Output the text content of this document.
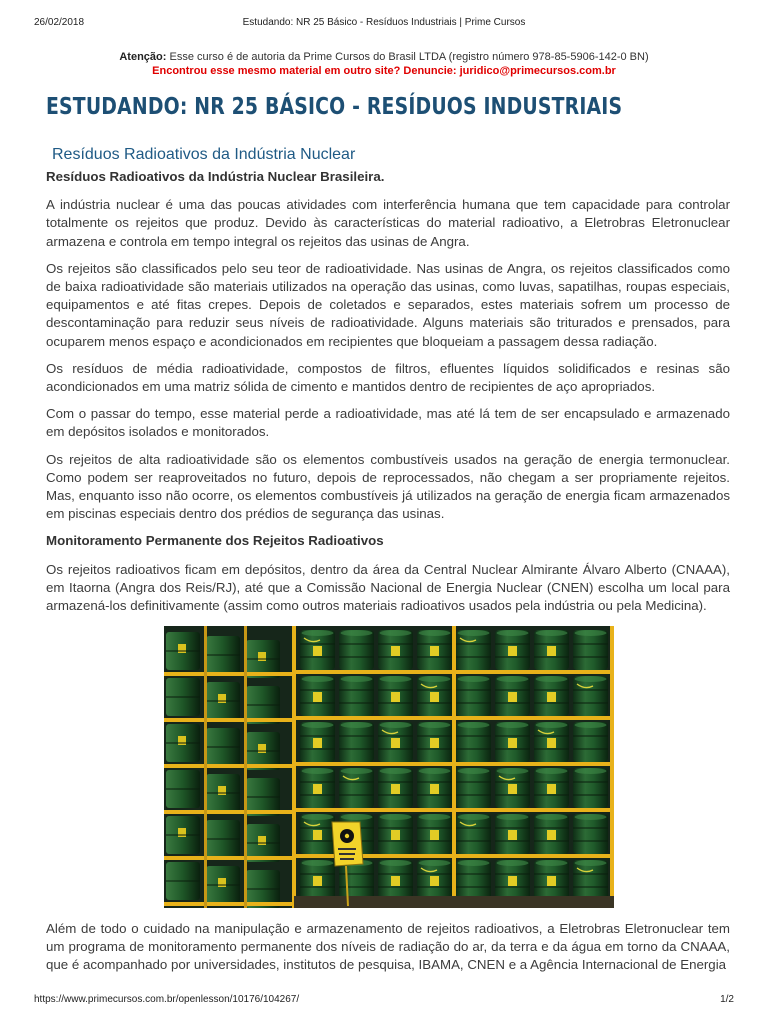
26/02/2018	Estudando: NR 25 Básico - Resíduos Industriais | Prime Cursos
Atenção: Esse curso é de autoria da Prime Cursos do Brasil LTDA (registro número 978-85-5906-142-0 BN)
Encontrou esse mesmo material em outro site? Denuncie: juridico@primecursos.com.br
ESTUDANDO: NR 25 BÁSICO - RESÍDUOS INDUSTRIAIS
Resíduos Radioativos da Indústria Nuclear

Resíduos Radioativos da Indústria Nuclear Brasileira.

A indústria nuclear é uma das poucas atividades com interferência humana que tem capacidade para controlar totalmente os rejeitos que produz. Devido às características do material radioativo, a Eletrobras Eletronuclear armazena e controla em tempo integral os rejeitos das usinas de Angra.

Os rejeitos são classificados pelo seu teor de radioatividade. Nas usinas de Angra, os rejeitos classificados como de baixa radioatividade são materiais utilizados na operação das usinas, como luvas, sapatilhas, roupas especiais, equipamentos e até fitas crepes. Depois de coletados e separados, estes materiais sofrem um processo de descontaminação para reduzir seus níveis de radioatividade. Alguns materiais são triturados e prensados, para ocuparem menos espaço e acondicionados em recipientes que bloqueiam a passagem dessa radiação.

Os resíduos de média radioatividade, compostos de filtros, efluentes líquidos solidificados e resinas são acondicionados em uma matriz sólida de cimento e mantidos dentro de recipientes de aço apropriados.

Com o passar do tempo, esse material perde a radioatividade, mas até lá tem de ser encapsulado e armazenado em depósitos isolados e monitorados.

Os rejeitos de alta radioatividade são os elementos combustíveis usados na geração de energia termonuclear. Como podem ser reaproveitados no futuro, depois de reprocessados, não chegam a ser propriamente rejeitos. Mas, enquanto isso não ocorre, os elementos combustíveis já utilizados na geração de energia ficam armazenados em piscinas especiais dentro dos prédios de segurança das usinas.

Monitoramento Permanente dos Rejeitos Radioativos

Os rejeitos radioativos ficam em depósitos, dentro da área da Central Nuclear Almirante Álvaro Alberto (CNAAA), em Itaorna (Angra dos Reis/RJ), até que a Comissão Nacional de Energia Nuclear (CNEN) escolha um local para armazená-los definitivamente (assim como outros materiais radioativos usados pela indústria ou pela Medicina).

Além de todo o cuidado na manipulação e armazenamento de rejeitos radioativos, a Eletrobras Eletronuclear tem um programa de monitoramento permanente dos níveis de radiação do ar, da terra e da água em torno da CNAAA, que é acompanhado por universidades, institutos de pesquisa, IBAMA, CNEN e a Agência Internacional de Energia

https://www.primecursos.com.br/openlesson/10176/104267/	1/2
